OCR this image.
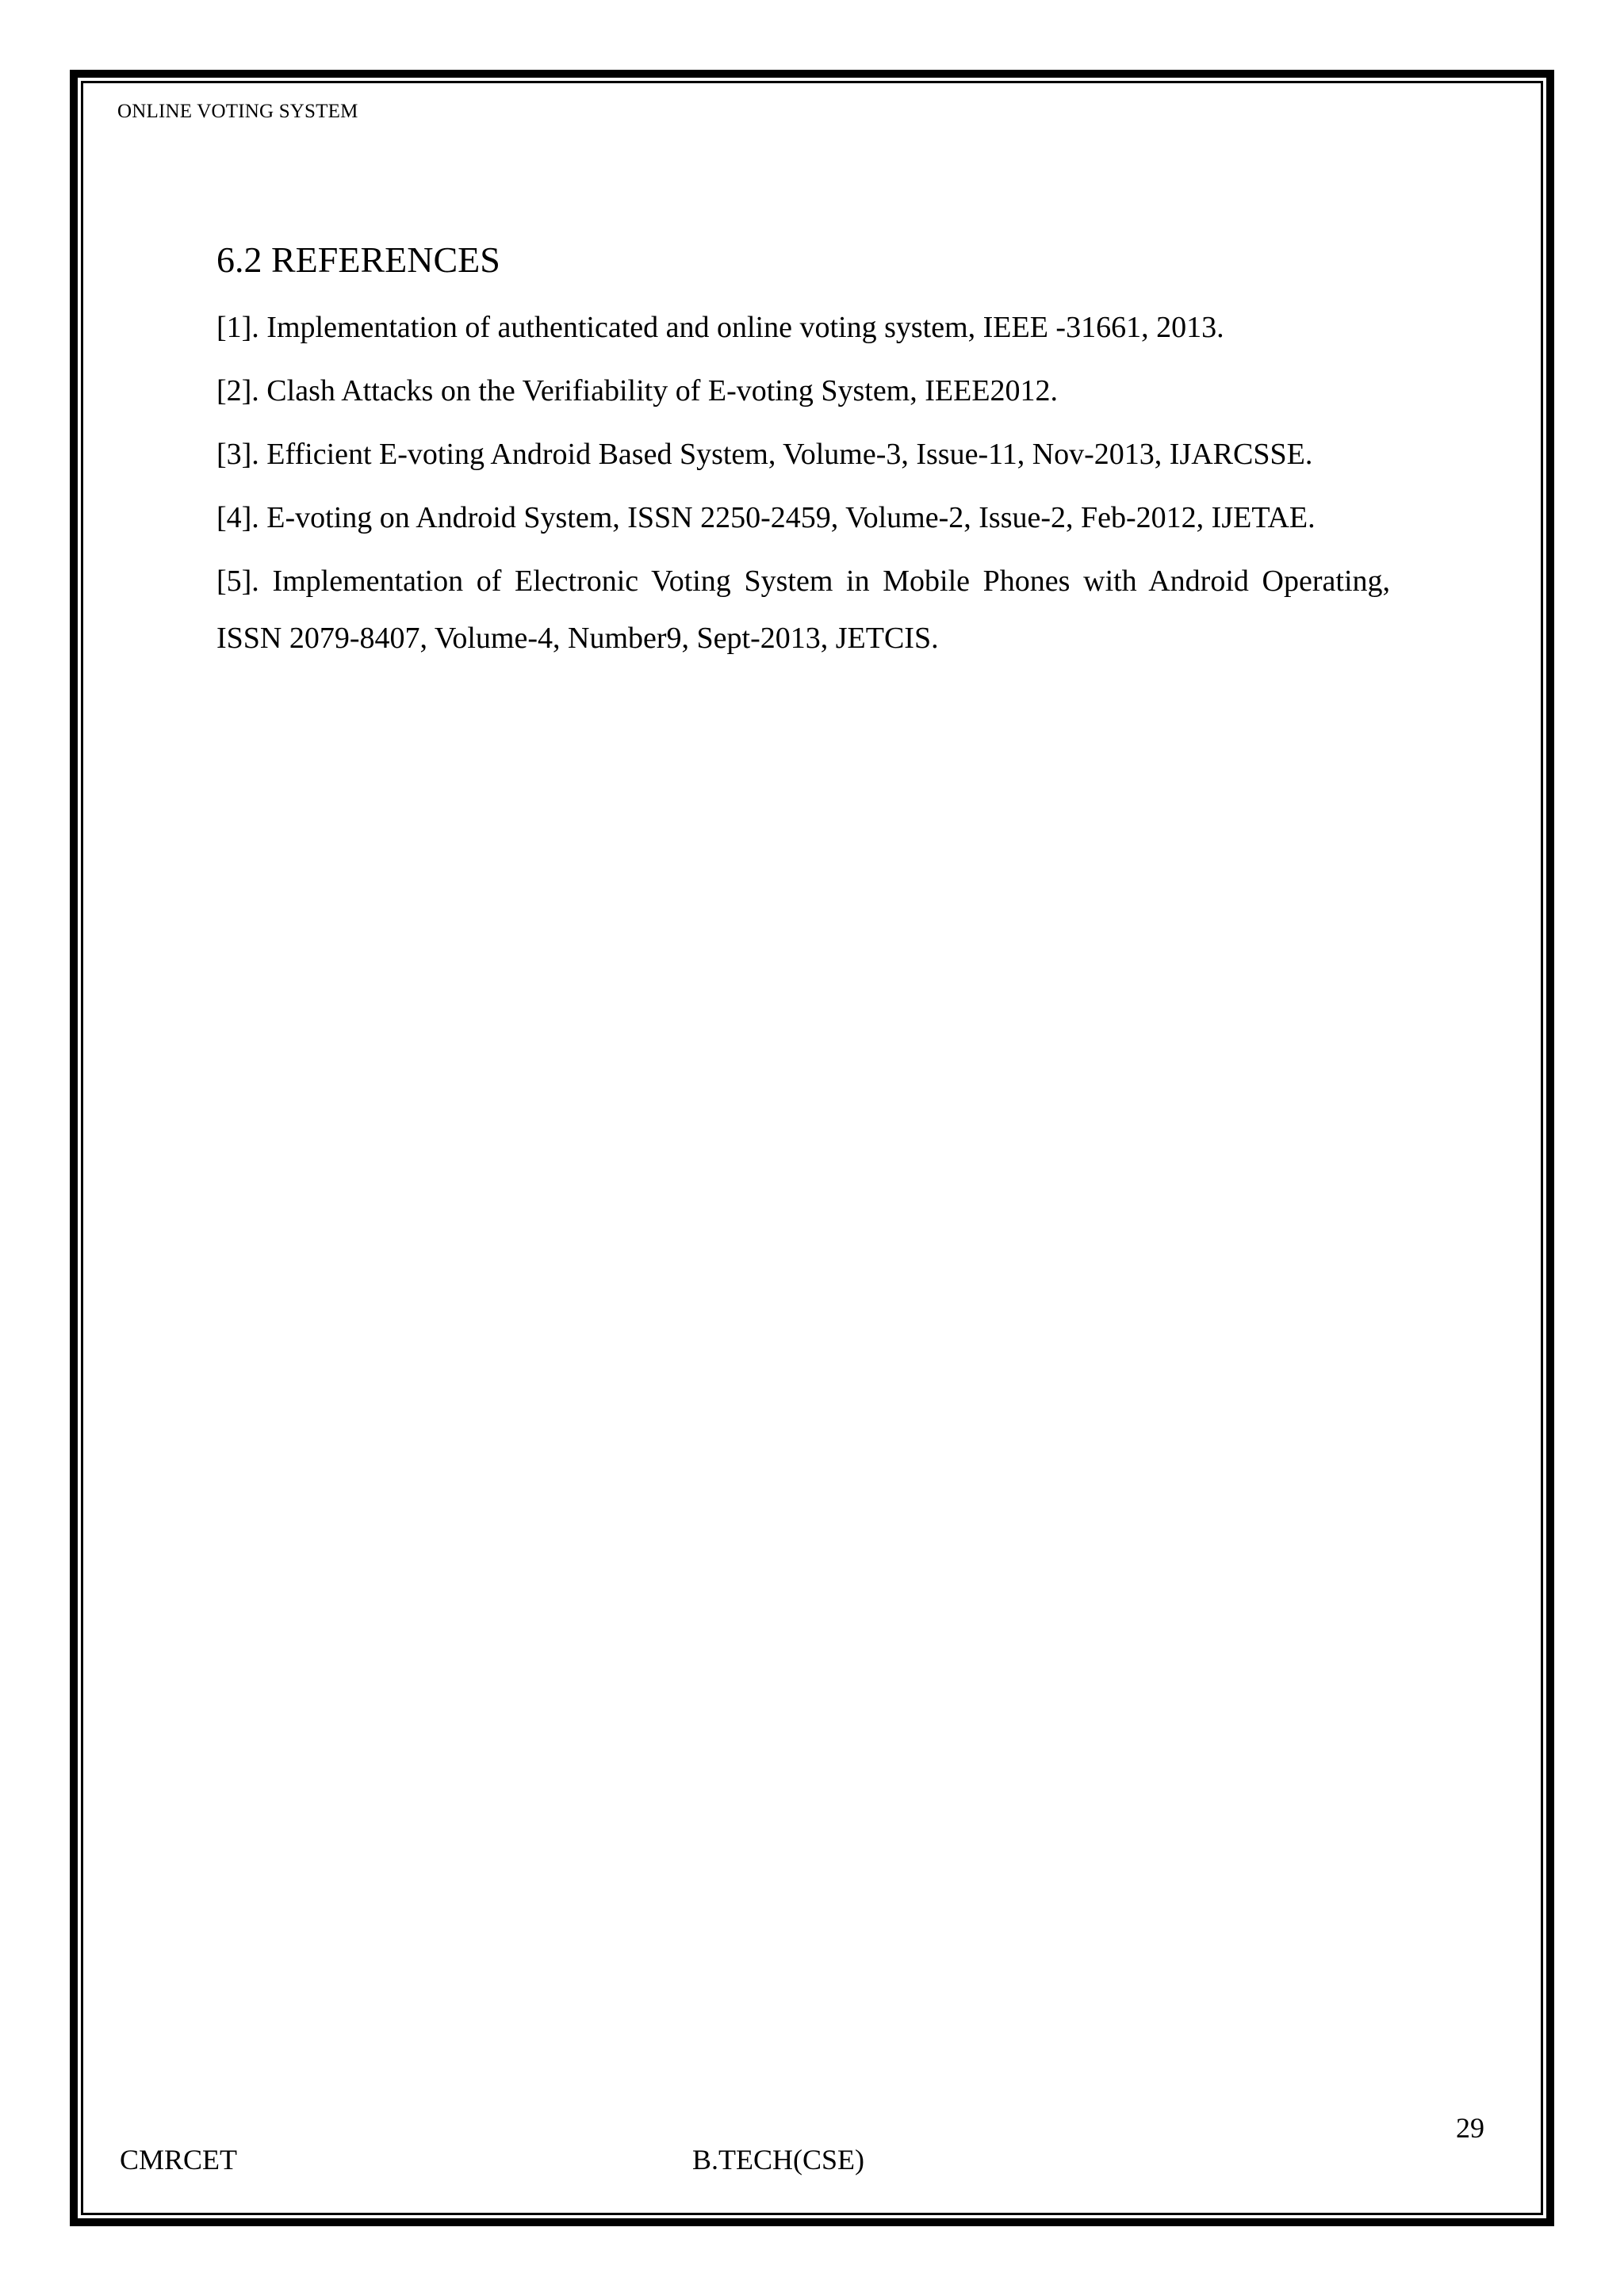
ONLINE VOTING SYSTEM
6.2 REFERENCES

[1]. Implementation of authenticated and online voting system, IEEE -31661, 2013.

[2]. Clash Attacks on the Verifiability of E-voting System, IEEE2012.

[3]. Efficient E-voting Android Based System, Volume-3, Issue-11, Nov-2013, IJARCSSE.

[4]. E-voting on Android System, ISSN 2250-2459, Volume-2, Issue-2, Feb-2012, IJETAE.

[5]. Implementation of Electronic Voting System in Mobile Phones with Android Operating, ISSN 2079-8407, Volume-4, Number9, Sept-2013, JETCIS.

29
CMRCET	B.TECH(CSE)
